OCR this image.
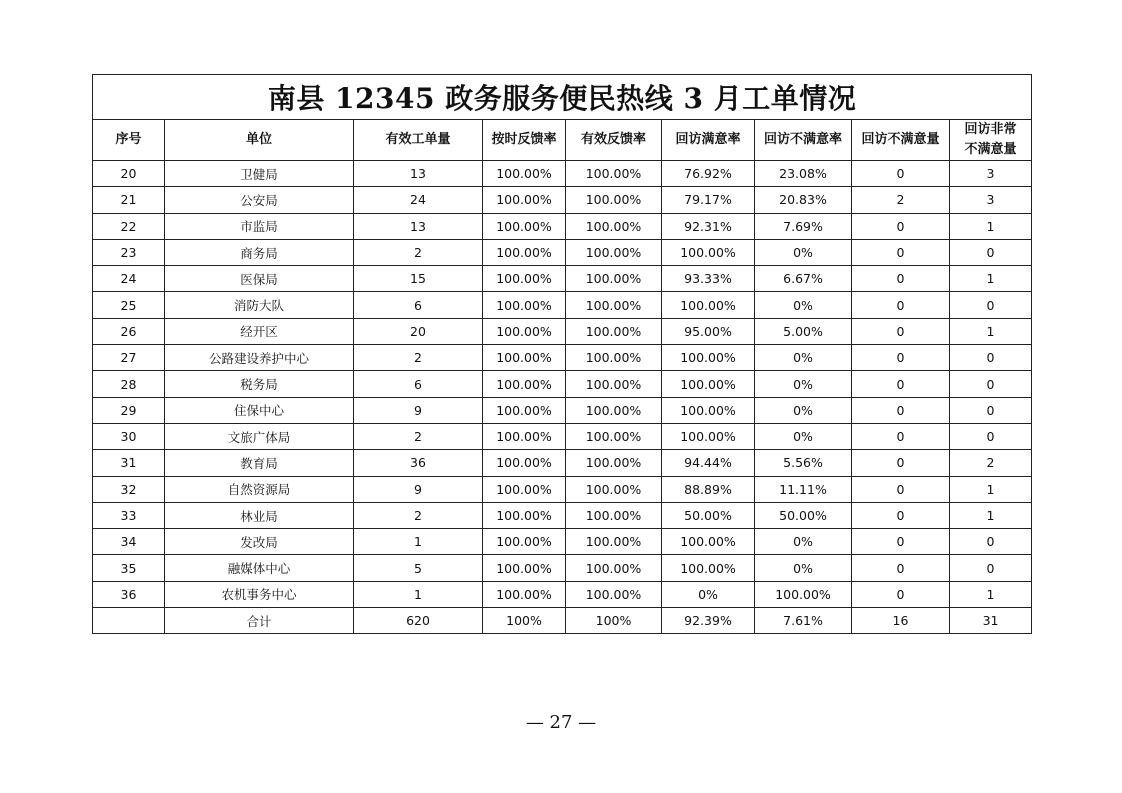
南县 12345 政务服务便民热线 3 月工单情况								
序号	单位	有效工单量	按时反馈率	有效反馈率	回访满意率	回访不满意率	回访不满意量	回访非常
不满意量
20	卫健局	13	100.00%	100.00%	76.92%	23.08%	0	3
21	公安局	24	100.00%	100.00%	79.17%	20.83%	2	3
22	市监局	13	100.00%	100.00%	92.31%	7.69%	0	1
23	商务局	2	100.00%	100.00%	100.00%	0%	0	0
24	医保局	15	100.00%	100.00%	93.33%	6.67%	0	1
25	消防大队	6	100.00%	100.00%	100.00%	0%	0	0
26	经开区	20	100.00%	100.00%	95.00%	5.00%	0	1
27	公路建设养护中心	2	100.00%	100.00%	100.00%	0%	0	0
28	税务局	6	100.00%	100.00%	100.00%	0%	0	0
29	住保中心	9	100.00%	100.00%	100.00%	0%	0	0
30	文旅广体局	2	100.00%	100.00%	100.00%	0%	0	0
31	教育局	36	100.00%	100.00%	94.44%	5.56%	0	2
32	自然资源局	9	100.00%	100.00%	88.89%	11.11%	0	1
33	林业局	2	100.00%	100.00%	50.00%	50.00%	0	1
34	发改局	1	100.00%	100.00%	100.00%	0%	0	0
35	融媒体中心	5	100.00%	100.00%	100.00%	0%	0	0
36	农机事务中心	1	100.00%	100.00%	0%	100.00%	0	1
	合计	620	100%	100%	92.39%	7.61%	16	31
— 27 —
